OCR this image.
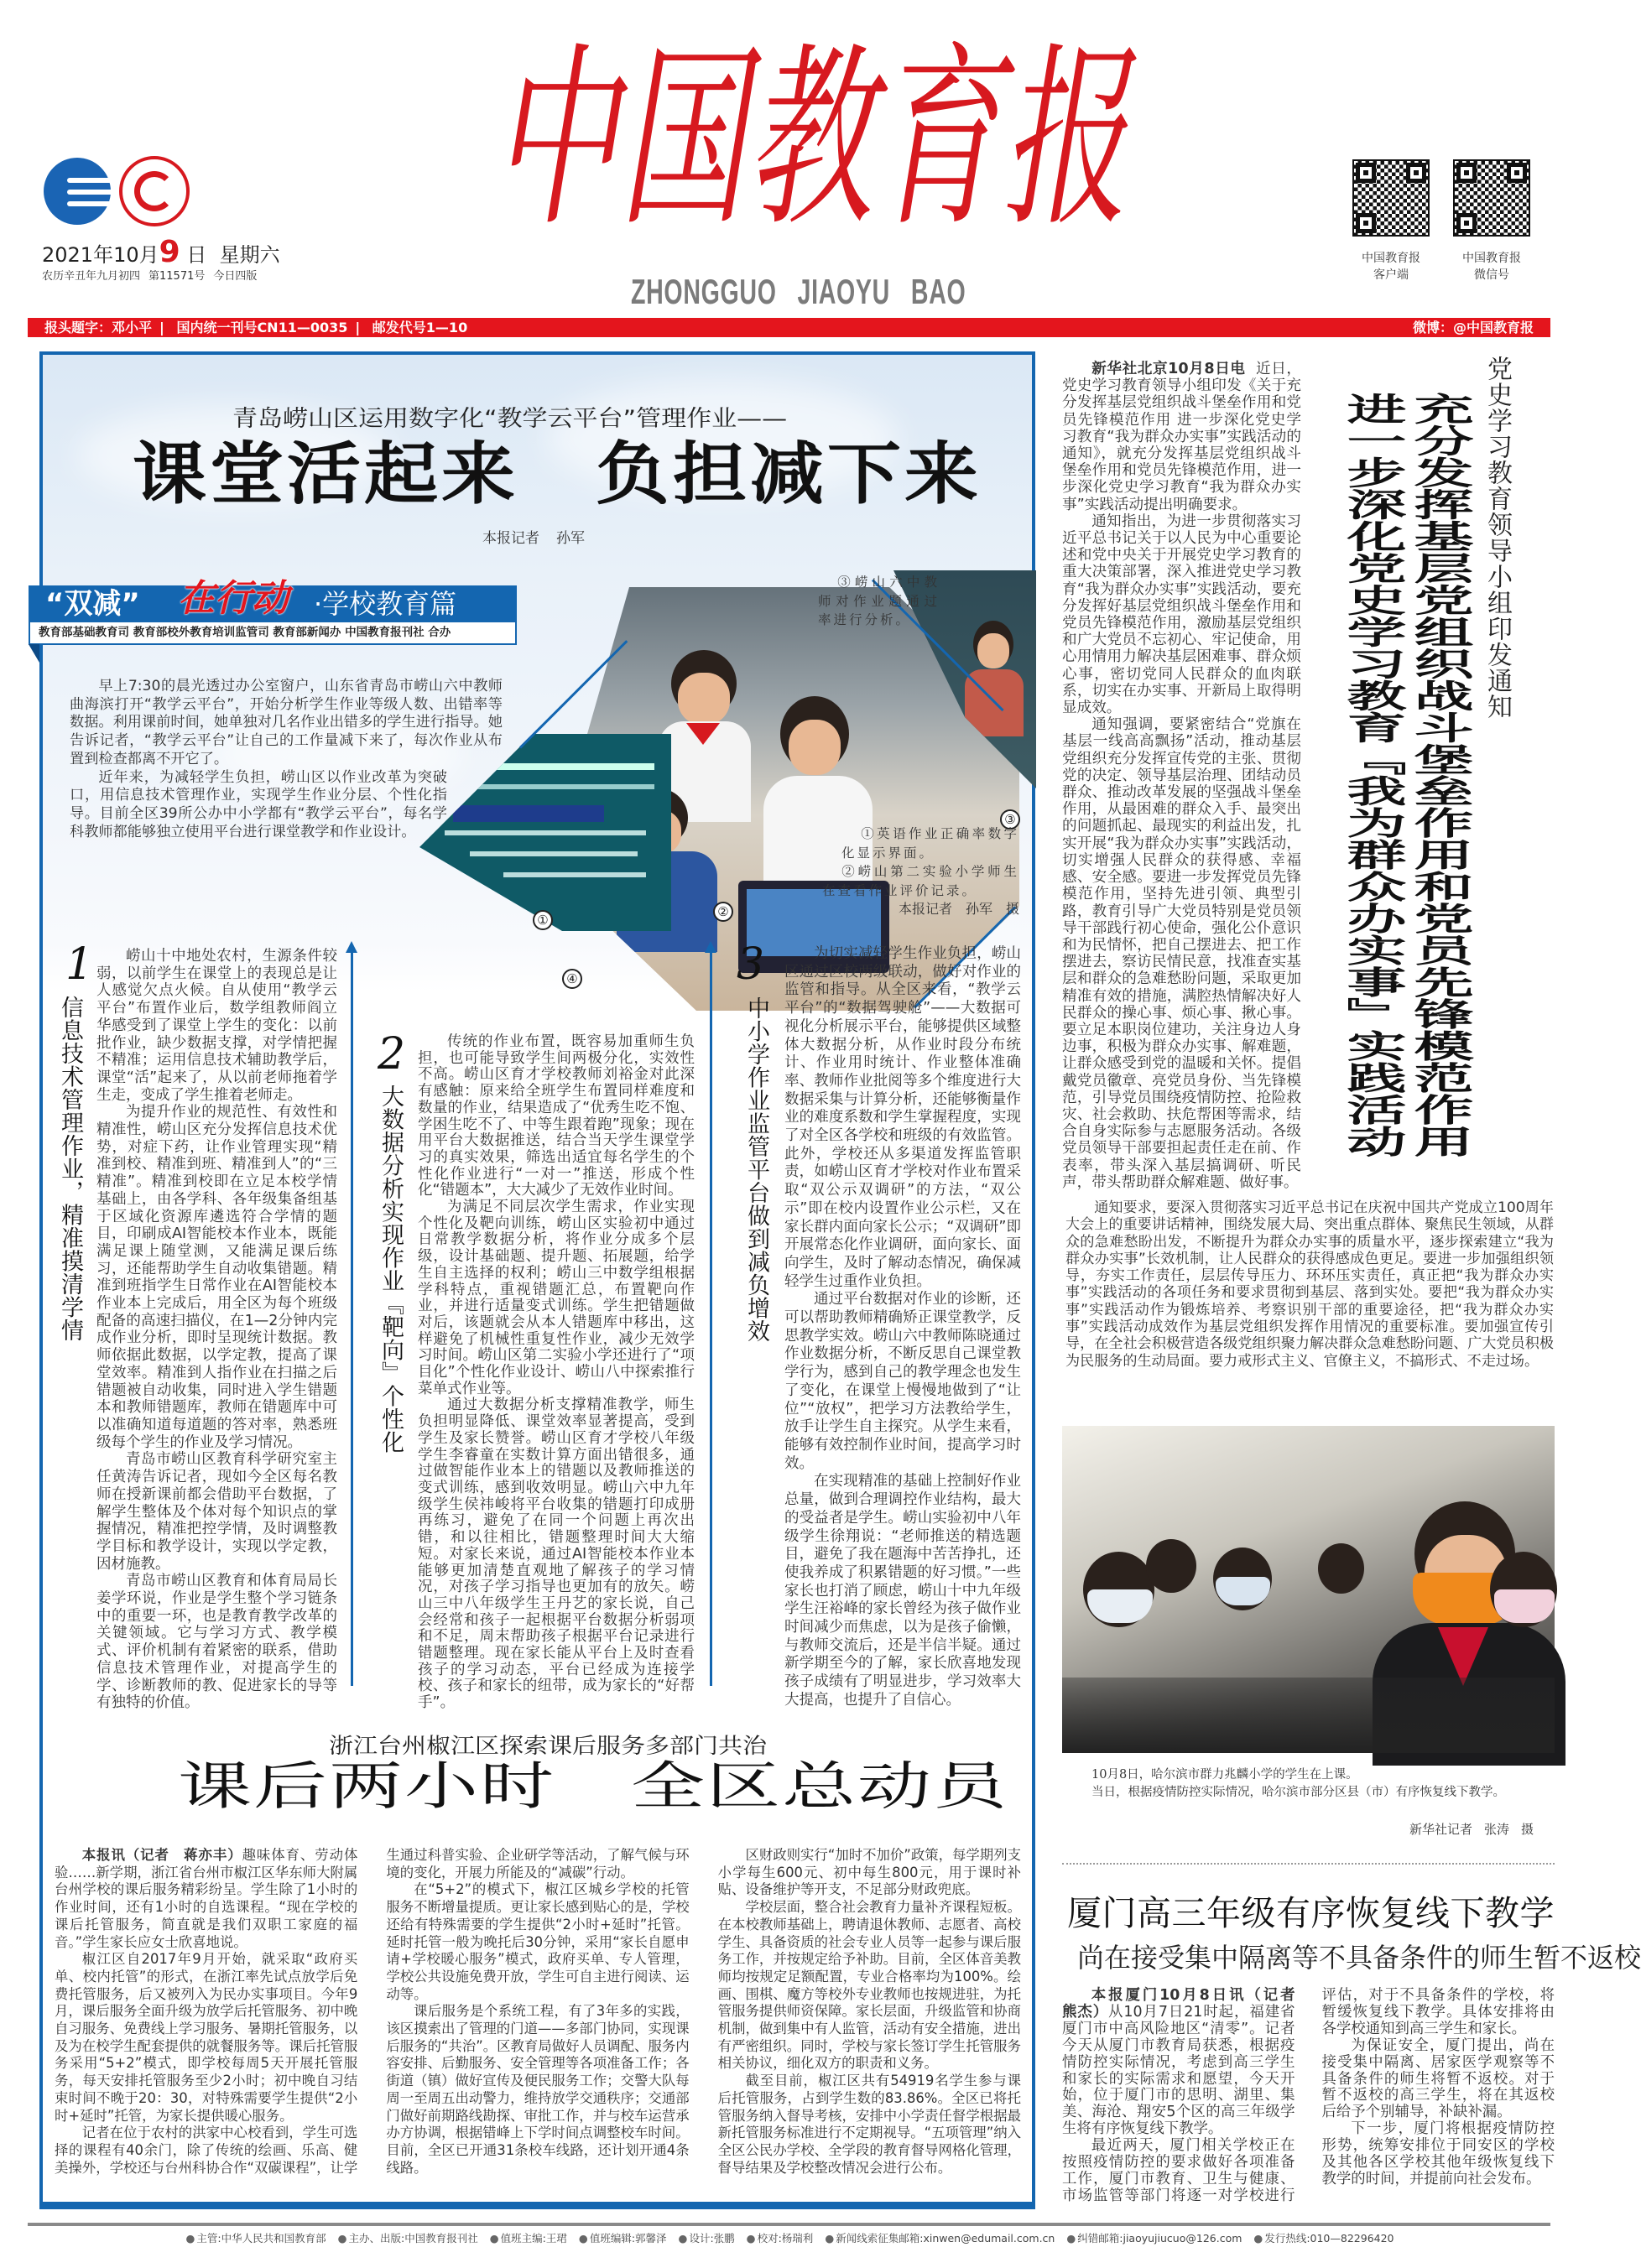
2021年10月9 日 星期六
农历辛丑年九月初四 第11571号 今日四版
中国教育报
ZHONGGUO JIAOYU BAO
中国教育报
客户端
中国教育报
微信号
报头题字：邓小平 | 国内统一刊号CN11—0035 | 邮发代号1—10	微博：@中国教育报
青岛崂山区运用数字化“教学云平台”管理作业——
课堂活起来　负担减下来
本报记者 孙军
“双减” 在行动 ·学校教育篇
教育部基础教育司 教育部校外教育培训监管司 教育部新闻办 中国教育报刊社 合办

早上7:30的晨光透过办公室窗户，山东省青岛市崂山六中教师曲海滨打开“教学云平台”，开始分析学生作业等级人数、出错率等数据。利用课前时间，她单独对几名作业出错多的学生进行指导。她告诉记者，“教学云平台”让自己的工作量减下来了，每次作业从布置到检查都离不开它了。

近年来，为减轻学生负担，崂山区以作业改革为突破口，用信息技术管理作业，实现学生作业分层、个性化指导。目前全区39所公办中小学都有“教学云平台”，每名学科教师都能够独立使用平台进行课堂教学和作业设计。

①
②
③
④

③崂山六中教师对作业题通过率进行分析。

①英语作业正确率数字化显示界面。

②崂山第二实验小学师生在查看作业评价记录。

本报记者　孙军　摄

1
信息技术管理作业，精准摸清学情

崂山十中地处农村，生源条件较弱，以前学生在课堂上的表现总是让人感觉欠点火候。自从使用“教学云平台”布置作业后，数学组教师阎立华感受到了课堂上学生的变化：以前批作业，缺少数据支撑，对学情把握不精准；运用信息技术辅助教学后，课堂“活”起来了，从以前老师拖着学生走，变成了学生推着老师走。

为提升作业的规范性、有效性和精准性，崂山区充分发挥信息技术优势，对症下药，让作业管理实现“精准到校、精准到班、精准到人”的“三精准”。精准到校即在立足本校学情基础上，由各学科、各年级集备组基于区域化资源库遴选符合学情的题目，印刷成AI智能校本作业本，既能满足课上随堂测，又能满足课后练习，还能帮助学生自动收集错题。精准到班指学生日常作业在AI智能校本作业本上完成后，用全区为每个班级配备的高速扫描仪，在1—2分钟内完成作业分析，即时呈现统计数据。教师依据此数据，以学定教，提高了课堂效率。精准到人指作业在扫描之后错题被自动收集，同时进入学生错题本和教师错题库，教师在错题库中可以准确知道每道题的答对率，熟悉班级每个学生的作业及学习情况。

青岛市崂山区教育科学研究室主任黄涛告诉记者，现如今全区每名教师在授新课前都会借助平台数据，了解学生整体及个体对每个知识点的掌握情况，精准把控学情，及时调整教学目标和教学设计，实现以学定教，因材施教。

青岛市崂山区教育和体育局局长姜学环说，作业是学生整个学习链条中的重要一环，也是教育教学改革的关键领域。它与学习方式、教学模式、评价机制有着紧密的联系，借助信息技术管理作业，对提高学生的学、诊断教师的教、促进家长的导等有独特的价值。

2
大数据分析实现作业『靶向』个性化

传统的作业布置，既容易加重师生负担，也可能导致学生间两极分化，实效性不高。崂山区育才学校教师刘裕金对此深有感触：原来给全班学生布置同样难度和数量的作业，结果造成了“优秀生吃不饱、学困生吃不了、中等生跟着跑”现象；现在用平台大数据推送，结合当天学生课堂学习的真实效果，筛选出适宜每名学生的个性化作业进行“一对一”推送，形成个性化“错题本”，大大减少了无效作业时间。

为满足不同层次学生需求，作业实现个性化及靶向训练，崂山区实验初中通过日常教学数据分析，将作业分成多个层级，设计基础题、提升题、拓展题，给学生自主选择的权利；崂山三中数学组根据学科特点，重视错题汇总，布置靶向作业，并进行适量变式训练。学生把错题做对后，该题就会从本人错题库中移出，这样避免了机械性重复性作业，减少无效学习时间。崂山区第二实验小学还进行了“项目化”个性化作业设计、崂山八中探索推行菜单式作业等。

通过大数据分析支撑精准教学，师生负担明显降低、课堂效率显著提高，受到学生及家长赞誉。崂山区育才学校八年级学生李睿童在实数计算方面出错很多，通过做智能作业本上的错题以及教师推送的变式训练，感到收效明显。崂山六中九年级学生侯祎峻将平台收集的错题打印成册再练习，避免了在同一个问题上再次出错，和以往相比，错题整理时间大大缩短。对家长来说，通过AI智能校本作业本能够更加清楚直观地了解孩子的学习情况，对孩子学习指导也更加有的放矢。崂山三中八年级学生王丹艺的家长说，自己会经常和孩子一起根据平台数据分析弱项和不足，周末帮助孩子根据平台记录进行错题整理。现在家长能从平台上及时查看孩子的学习动态，平台已经成为连接学校、孩子和家长的纽带，成为家长的“好帮手”。

3
中小学作业监管平台做到减负增效

为切实减轻学生作业负担，崂山区通过区校两级联动，做好对作业的监管和指导。从全区来看，“教学云平台”的“数据驾驶舱”——大数据可视化分析展示平台，能够提供区域整体大数据分析，从作业时段分布统计、作业用时统计、作业整体准确率、教师作业批阅等多个维度进行大数据采集与计算分析，还能够衡量作业的难度系数和学生掌握程度，实现了对全区各学校和班级的有效监管。此外，学校还从多渠道发挥监管职责，如崂山区育才学校对作业布置采取“双公示双调研”的方法，“双公示”即在校内设置作业公示栏，又在家长群内面向家长公示；“双调研”即开展常态化作业调研，面向家长、面向学生，及时了解动态情况，确保减轻学生过重作业负担。

通过平台数据对作业的诊断，还可以帮助教师精确矫正课堂教学，反思教学实效。崂山六中教师陈晓通过作业数据分析，不断反思自己课堂教学行为，感到自己的教学理念也发生了变化，在课堂上慢慢地做到了“让位”“放权”，把学习方法教给学生，放手让学生自主探究。从学生来看，能够有效控制作业时间，提高学习时效。

在实现精准的基础上控制好作业总量，做到合理调控作业结构，最大的受益者是学生。崂山实验初中八年级学生徐翔说：“老师推送的精选题目，避免了我在题海中苦苦挣扎，还使我养成了积累错题的好习惯。”一些家长也打消了顾虑，崂山十中九年级学生汪裕峰的家长曾经为孩子做作业时间减少而焦虑，以为是孩子偷懒，与教师交流后，还是半信半疑。通过新学期至今的了解，家长欣喜地发现孩子成绩有了明显进步，学习效率大大提高，也提升了自信心。

浙江台州椒江区探索课后服务多部门共治
课后两小时　全区总动员

本报讯（记者　蒋亦丰）趣味体育、劳动体验……新学期，浙江省台州市椒江区华东师大附属台州学校的课后服务精彩纷呈。学生除了1小时的作业时间，还有1小时的自选课程。“现在学校的课后托管服务，简直就是我们双职工家庭的福音。”学生家长应女士欣喜地说。

椒江区自2017年9月开始，就采取“政府买单、校内托管”的形式，在浙江率先试点放学后免费托管服务，后又被列入为民办实事项目。今年9月，课后服务全面升级为放学后托管服务、初中晚自习服务、免费线上学习服务、暑期托管服务，以及为在校学生配套提供的就餐服务等。课后托管服务采用“5+2”模式，即学校每周5天开展托管服务，每天安排托管服务至少2小时；初中晚自习结束时间不晚于20：30，对特殊需要学生提供“2小时+延时”托管，为家长提供暖心服务。

记者在位于农村的洪家中心校看到，学生可选择的课程有40余门，除了传统的绘画、乐高、健美操外，学校还与台州科协合作“双碳课程”，让学生通过科普实验、企业研学等活动，了解气候与环境的变化，开展力所能及的“减碳”行动。

在“5+2”的模式下，椒江区城乡学校的托管服务不断增量提质。更让家长感到贴心的是，学校还给有特殊需要的学生提供“2小时+延时”托管。延时托管一般为晚托后30分钟，采用“家长自愿申请+学校暖心服务”模式，政府买单、专人管理，学校公共设施免费开放，学生可自主进行阅读、运动等。

课后服务是个系统工程，有了3年多的实践，该区摸索出了管理的门道——多部门协同，实现课后服务的“共治”。区教育局做好人员调配、服务内容安排、后勤服务、安全管理等各项准备工作；各街道（镇）做好宣传及便民服务工作；交警大队每周一至周五出动警力，维持放学交通秩序；交通部门做好前期路线勘探、审批工作，并与校车运营承办方协调，根据错峰上下学时间点调整校车时间。目前，全区已开通31条校车线路，还计划开通4条线路。

区财政则实行“加时不加价”政策，每学期列支小学每生600元、初中每生800元，用于课时补贴、设备维护等开支，不足部分财政兜底。

学校层面，整合社会教育力量补齐课程短板。在本校教师基础上，聘请退休教师、志愿者、高校学生、具备资质的社会专业人员等一起参与课后服务工作，并按规定给予补助。目前，全区体音美教师均按规定足额配置，专业合格率均为100%。绘画、围棋、魔方等校外专业教师也按规进驻，为托管服务提供师资保障。家长层面，升级监管和协商机制，做到集中有人监管，活动有安全措施，进出有严密组织。同时，学校与家长签订学生托管服务相关协议，细化双方的职责和义务。

截至目前，椒江区共有54919名学生参与课后托管服务，占到学生数的83.86%。全区已将托管服务纳入督导考核，安排中小学责任督学根据最新托管服务标准进行不定期视导。“五项管理”纳入全区公民办学校、全学段的教育督导网格化管理，督导结果及学校整改情况会进行公布。

党史学习教育领导小组印发通知
充分发挥基层党组织战斗堡垒作用和党员先锋模范作用
进一步深化党史学习教育『我为群众办实事』实践活动

新华社北京10月8日电 近日，党史学习教育领导小组印发《关于充分发挥基层党组织战斗堡垒作用和党员先锋模范作用 进一步深化党史学习教育“我为群众办实事”实践活动的通知》，就充分发挥基层党组织战斗堡垒作用和党员先锋模范作用，进一步深化党史学习教育“我为群众办实事”实践活动提出明确要求。

通知指出，为进一步贯彻落实习近平总书记关于以人民为中心重要论述和党中央关于开展党史学习教育的重大决策部署，深入推进党史学习教育“我为群众办实事”实践活动，要充分发挥好基层党组织战斗堡垒作用和党员先锋模范作用，激励基层党组织和广大党员不忘初心、牢记使命，用心用情用力解决基层困难事、群众烦心事，密切党同人民群众的血肉联系，切实在办实事、开新局上取得明显成效。

通知强调，要紧密结合“党旗在基层一线高高飘扬”活动，推动基层党组织充分发挥宣传党的主张、贯彻党的决定、领导基层治理、团结动员群众、推动改革发展的坚强战斗堡垒作用，从最困难的群众入手、最突出的问题抓起、最现实的利益出发，扎实开展“我为群众办实事”实践活动，切实增强人民群众的获得感、幸福感、安全感。要进一步发挥党员先锋模范作用，坚持先进引领、典型引路，教育引导广大党员特别是党员领导干部践行初心使命，强化公仆意识和为民情怀，把自己摆进去、把工作摆进去，察访民情民意，找准查实基层和群众的急难愁盼问题，采取更加精准有效的措施，满腔热情解决好人民群众的操心事、烦心事、揪心事。要立足本职岗位建功，关注身边人身边事，积极为群众办实事、解难题，让群众感受到党的温暖和关怀。提倡戴党员徽章、亮党员身份、当先锋模范，引导党员围绕疫情防控、抢险救灾、社会救助、扶危帮困等需求，结合自身实际参与志愿服务活动。各级党员领导干部要担起责任走在前、作表率，带头深入基层搞调研、听民声，带头帮助群众解难题、做好事。

通知要求，要深入贯彻落实习近平总书记在庆祝中国共产党成立100周年大会上的重要讲话精神，围绕发展大局、突出重点群体、聚焦民生领域，从群众的急难愁盼出发，不断提升为群众办实事的质量水平，逐步探索建立“我为群众办实事”长效机制，让人民群众的获得感成色更足。要进一步加强组织领导，夯实工作责任，层层传导压力、环环压实责任，真正把“我为群众办实事”实践活动的各项任务和要求贯彻到基层、落到实处。要把“我为群众办实事”实践活动作为锻炼培养、考察识别干部的重要途径，把“我为群众办实事”实践活动成效作为基层党组织发挥作用情况的重要标准。要加强宣传引导，在全社会积极营造各级党组织聚力解决群众急难愁盼问题、广大党员积极为民服务的生动局面。要力戒形式主义、官僚主义，不搞形式、不走过场。

10月8日，哈尔滨市群力兆麟小学的学生在上课。

当日，根据疫情防控实际情况，哈尔滨市部分区县（市）有序恢复线下教学。

新华社记者 张涛 摄
厦门高三年级有序恢复线下教学
尚在接受集中隔离等不具备条件的师生暂不返校

本报厦门10月8日讯（记者　熊杰）从10月7日21时起，福建省厦门市中高风险地区“清零”。记者今天从厦门市教育局获悉，根据疫情防控实际情况，考虑到高三学生和家长的实际需求和愿望，今天开始，位于厦门市的思明、湖里、集美、海沧、翔安5个区的高三年级学生将有序恢复线下教学。

最近两天，厦门相关学校正在按照疫情防控的要求做好各项准备工作，厦门市教育、卫生与健康、市场监管等部门将逐一对学校进行评估，对于不具备条件的学校，将暂缓恢复线下教学。具体安排将由各学校通知到高三学生和家长。

为保证安全，厦门提出，尚在接受集中隔离、居家医学观察等不具备条件的师生将暂不返校。对于暂不返校的高三学生，将在其返校后给予个别辅导，补缺补漏。

下一步，厦门将根据疫情防控形势，统筹安排位于同安区的学校及其他各区学校其他年级恢复线下教学的时间，并提前向社会发布。

● 主管:中华人民共和国教育部 ● 主办、出版:中国教育报刊社 ● 值班主编:王珺 ● 值班编辑:郭馨泽 ● 设计:张鹏 ● 校对:杨瑞利 ● 新闻线索征集邮箱:xinwen@edumail.com.cn ● 纠错邮箱:jiaoyujiucuo@126.com ● 发行热线:010—82296420
